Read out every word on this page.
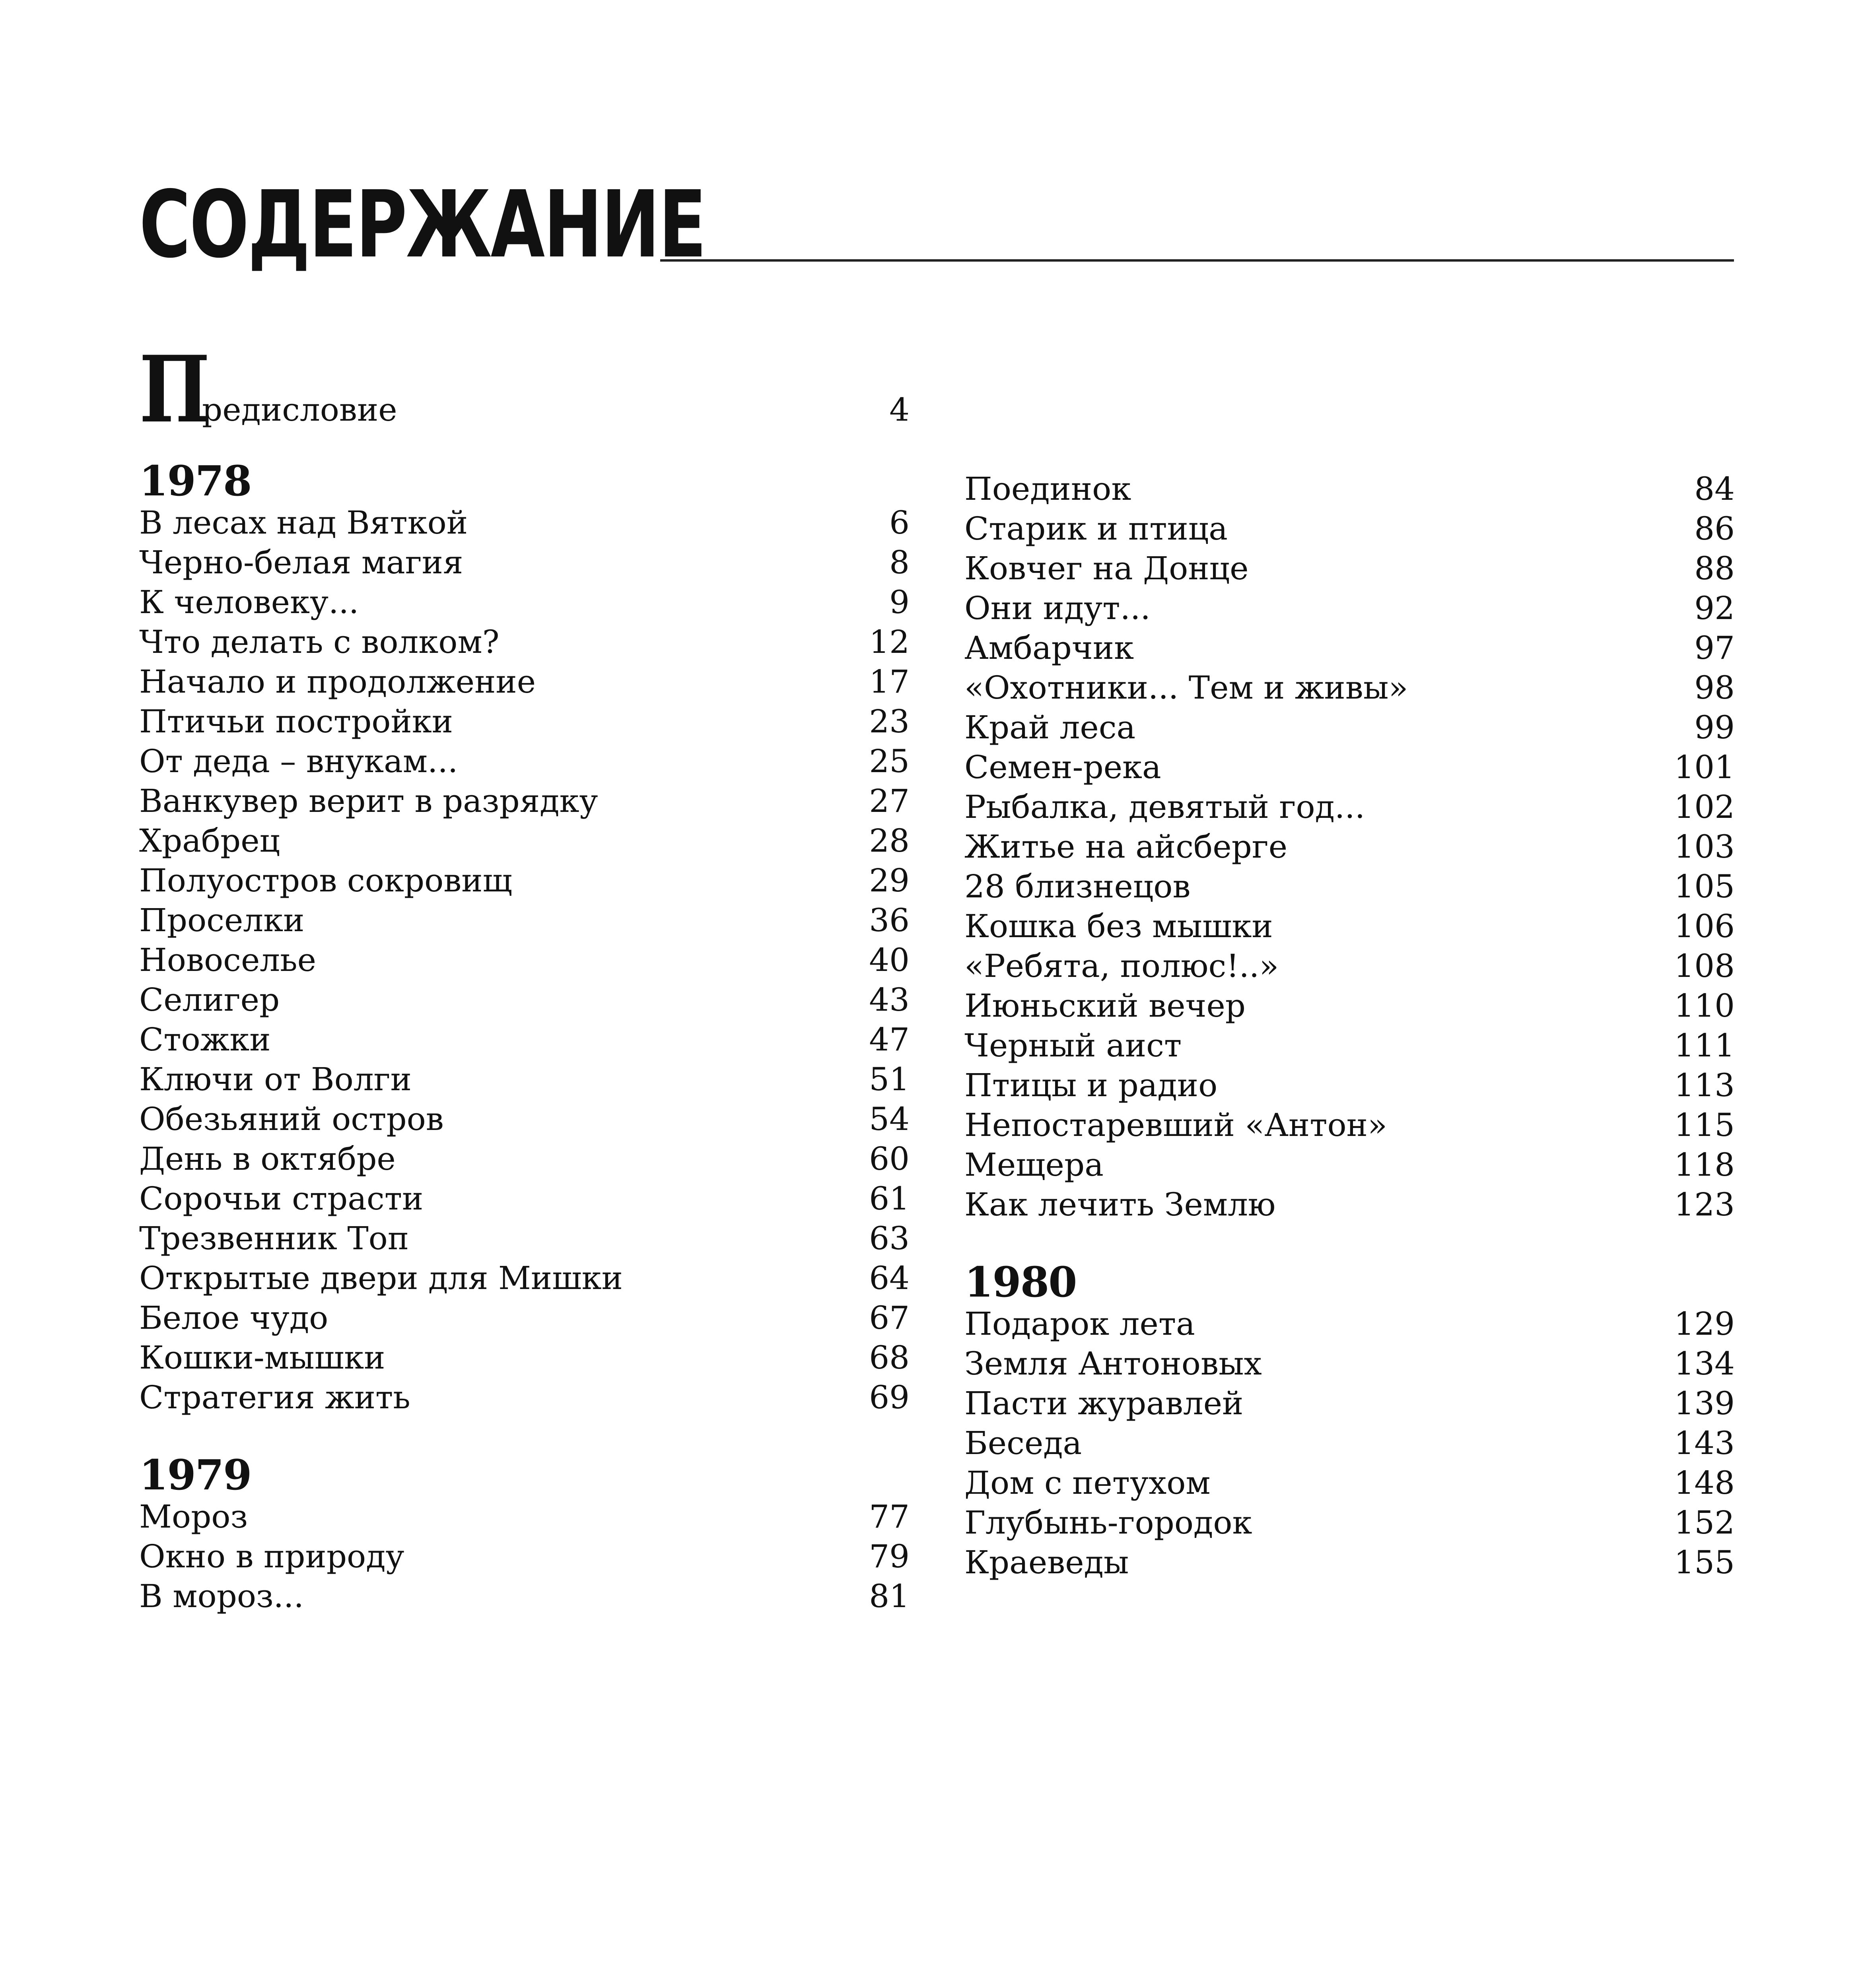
СОДЕРЖАНИЕ
П
редисловие	4
1978
В лесах над Вяткой	6
Черно-белая магия	8
К человеку...	9
Что делать с волком?	12
Начало и продолжение	17
Птичьи постройки	23
От деда – внукам...	25
Ванкувер верит в разрядку	27
Храбрец	28
Полуостров сокровищ	29
Проселки	36
Новоселье	40
Селигер	43
Стожки	47
Ключи от Волги	51
Обезьяний остров	54
День в октябре	60
Сорочьи страсти	61
Трезвенник Топ	63
Открытые двери для Мишки	64
Белое чудо	67
Кошки-мышки	68
Стратегия жить	69
1979
Мороз	77
Окно в природу	79
В мороз...	81
Поединок	84
Старик и птица	86
Ковчег на Донце	88
Они идут...	92
Амбарчик	97
«Охотники... Тем и живы»	98
Край леса	99
Семен-река	101
Рыбалка, девятый год...	102
Житье на айсберге	103
28 близнецов	105
Кошка без мышки	106
«Ребята, полюс!..»	108
Июньский вечер	110
Черный аист	111
Птицы и радио	113
Непостаревший «Антон»	115
Мещера	118
Как лечить Землю	123
1980
Подарок лета	129
Земля Антоновых	134
Пасти журавлей	139
Беседа	143
Дом с петухом	148
Глубынь-городок	152
Краеведы	155
